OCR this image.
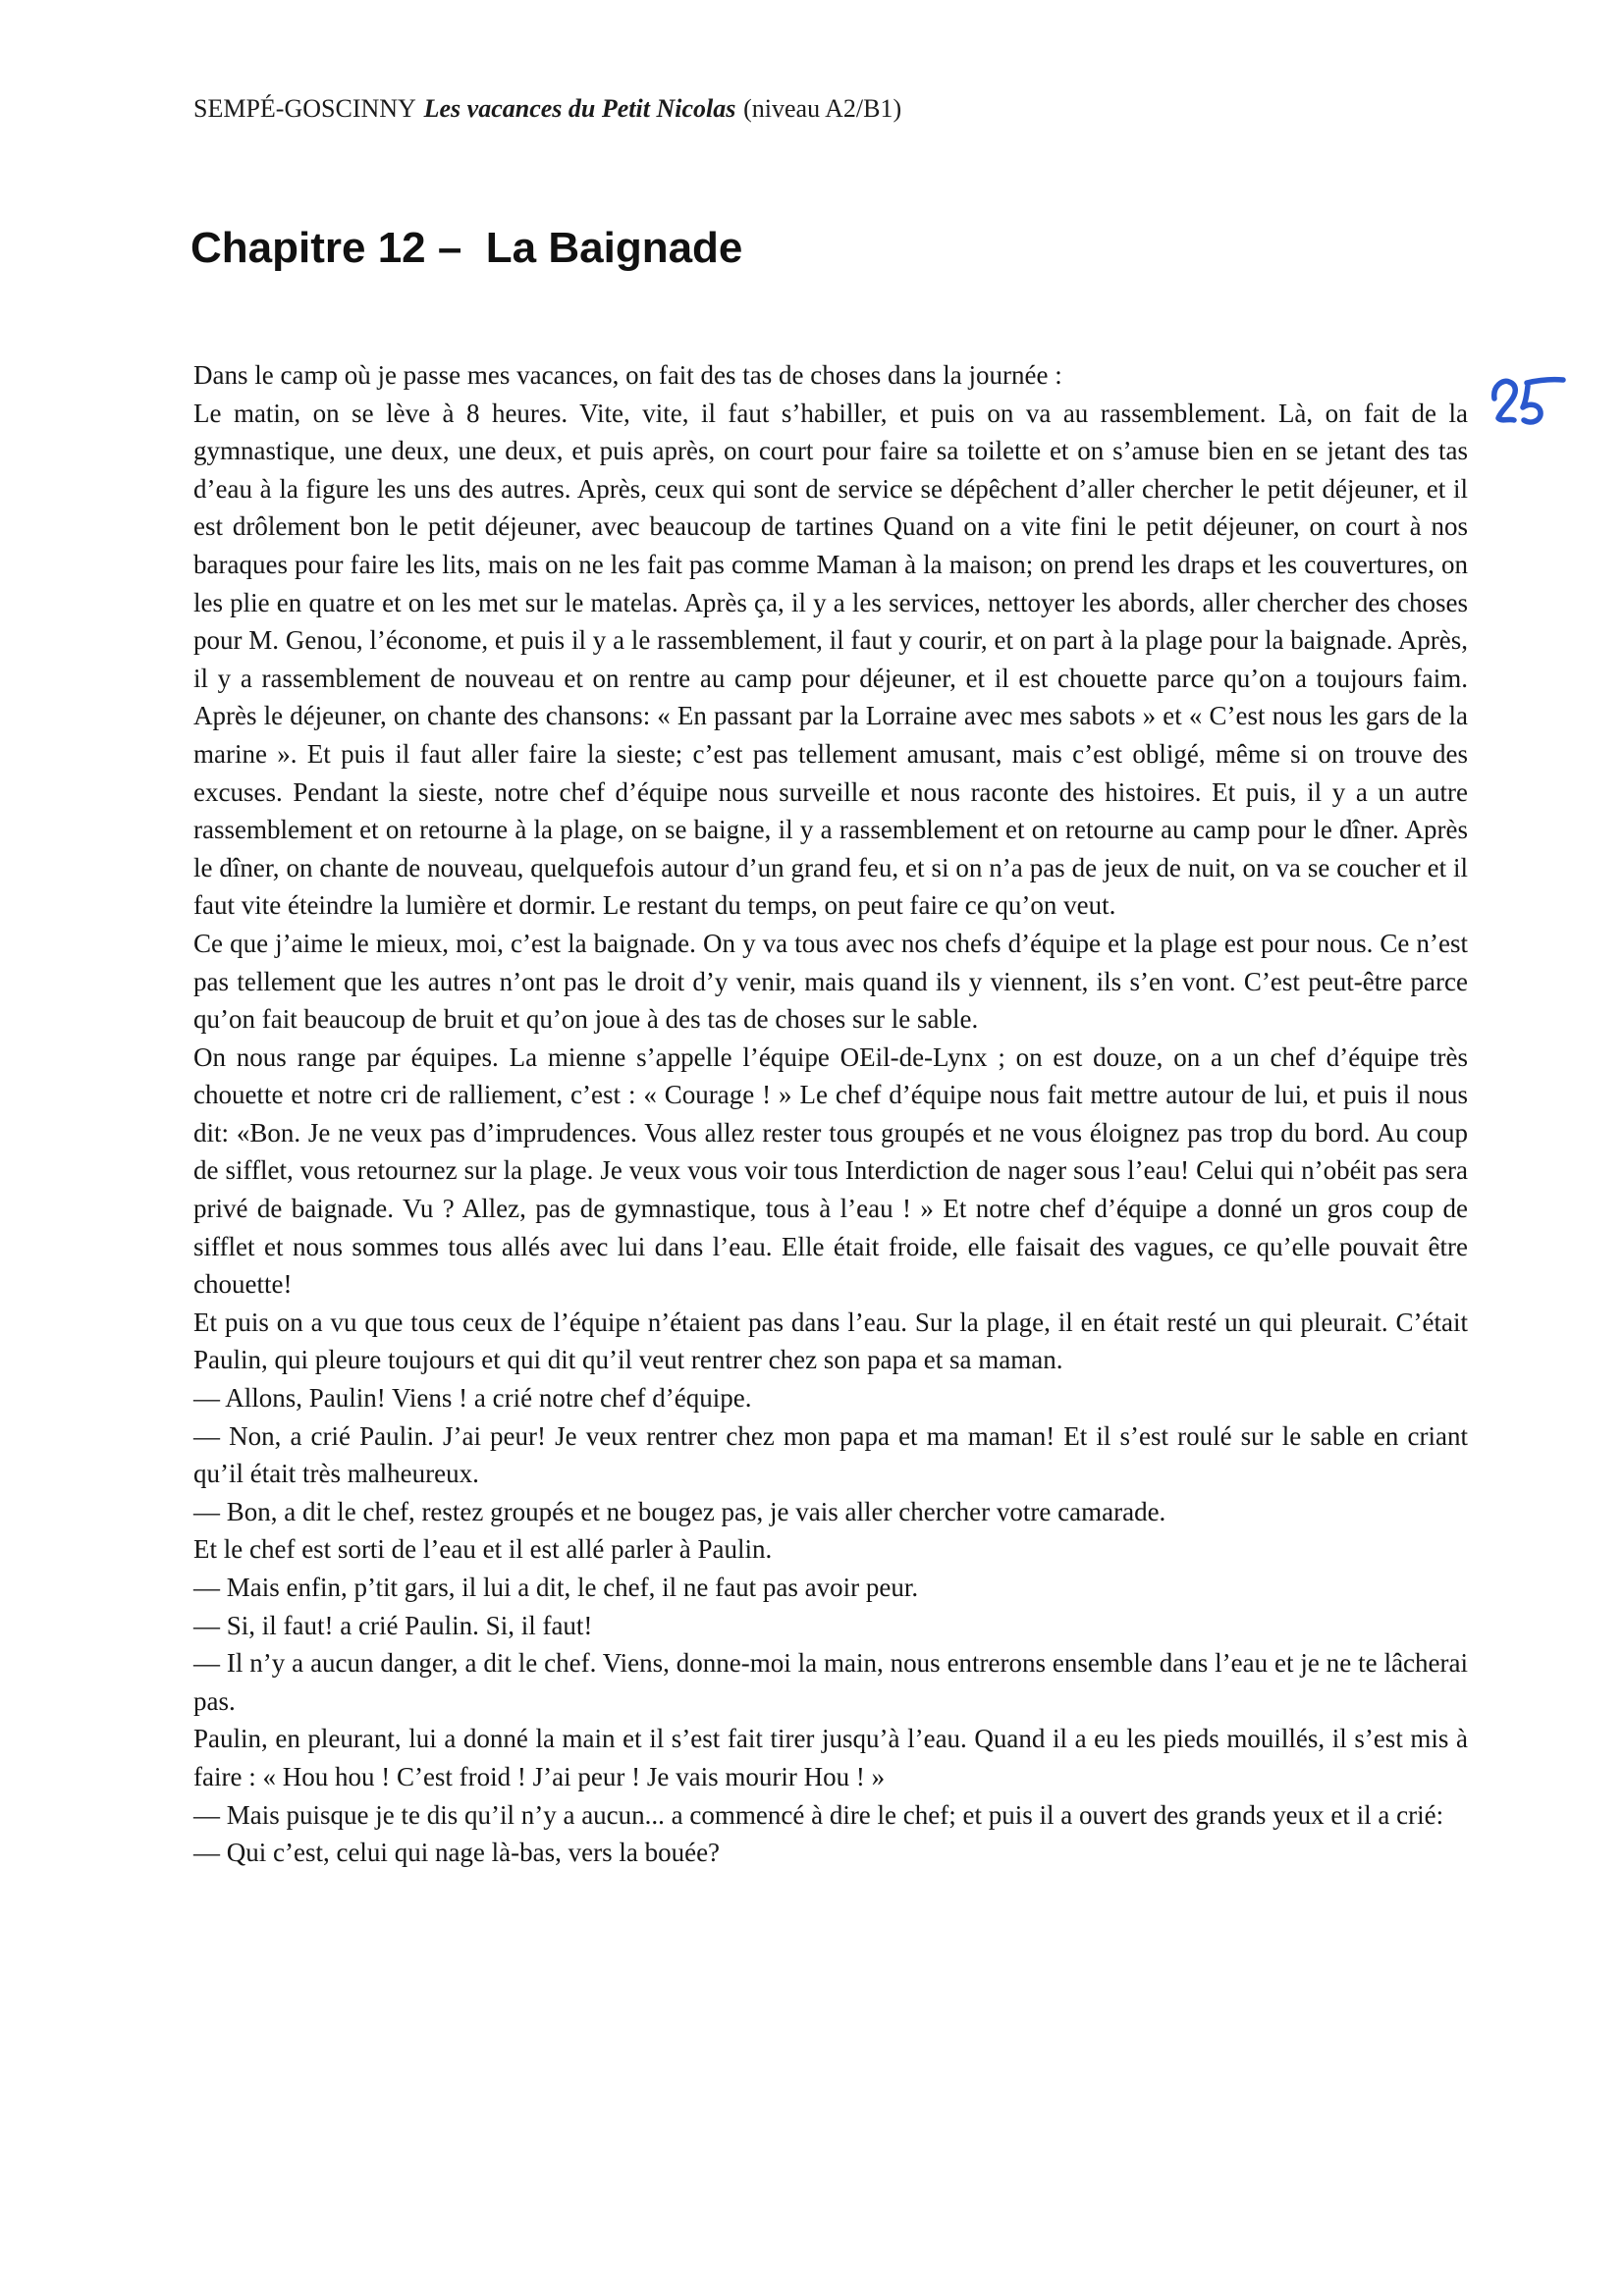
SEMPÉ-GOSCINNY Les vacances du Petit Nicolas (niveau A2/B1)
Chapitre 12 –  La Baignade

Dans le camp où je passe mes vacances, on fait des tas de choses dans la journée :

Le matin, on se lève à 8 heures. Vite, vite, il faut s’habiller, et puis on va au rassemblement. Là, on fait de la gymnastique, une deux, une deux, et puis après, on court pour faire sa toilette et on s’amuse bien en se jetant des tas d’eau à la figure les uns des autres. Après, ceux qui sont de service se dépêchent d’aller chercher le petit déjeuner, et il est drôlement bon le petit déjeuner, avec beaucoup de tartines Quand on a vite fini le petit déjeuner, on court à nos baraques pour faire les lits, mais on ne les fait pas comme Maman à la maison; on prend les draps et les couvertures, on les plie en quatre et on les met sur le matelas. Après ça, il y a les services, nettoyer les abords, aller chercher des choses pour M. Genou, l’économe, et puis il y a le rassemblement, il faut y courir, et on part à la plage pour la baignade. Après, il y a rassemblement de nouveau et on rentre au camp pour déjeuner, et il est chouette parce qu’on a toujours faim. Après le déjeuner, on chante des chansons: « En passant par la Lorraine avec mes sabots » et « C’est nous les gars de la marine ». Et puis il faut aller faire la sieste; c’est pas tellement amusant, mais c’est obligé, même si on trouve des excuses. Pendant la sieste, notre chef d’équipe nous surveille et nous raconte des histoires. Et puis, il y a un autre rassemblement et on retourne à la plage, on se baigne, il y a rassemblement et on retourne au camp pour le dîner. Après le dîner, on chante de nouveau, quelquefois autour d’un grand feu, et si on n’a pas de jeux de nuit, on va se coucher et il faut vite éteindre la lumière et dormir. Le restant du temps, on peut faire ce qu’on veut.

Ce que j’aime le mieux, moi, c’est la baignade. On y va tous avec nos chefs d’équipe et la plage est pour nous. Ce n’est pas tellement que les autres n’ont pas le droit d’y venir, mais quand ils y viennent, ils s’en vont. C’est peut-être parce qu’on fait beaucoup de bruit et qu’on joue à des tas de choses sur le sable.

On nous range par équipes. La mienne s’appelle l’équipe OEil-de-Lynx ; on est douze, on a un chef d’équipe très chouette et notre cri de ralliement, c’est : « Courage ! » Le chef d’équipe nous fait mettre autour de lui, et puis il nous dit: «Bon. Je ne veux pas d’imprudences. Vous allez rester tous groupés et ne vous éloignez pas trop du bord. Au coup de sifflet, vous retournez sur la plage. Je veux vous voir tous Interdiction de nager sous l’eau! Celui qui n’obéit pas sera privé de baignade. Vu ? Allez, pas de gymnastique, tous à l’eau ! » Et notre chef d’équipe a donné un gros coup de sifflet et nous sommes tous allés avec lui dans l’eau. Elle était froide, elle faisait des vagues, ce qu’elle pouvait être chouette!

Et puis on a vu que tous ceux de l’équipe n’étaient pas dans l’eau. Sur la plage, il en était resté un qui pleurait. C’était Paulin, qui pleure toujours et qui dit qu’il veut rentrer chez son papa et sa maman.

— Allons, Paulin! Viens ! a crié notre chef d’équipe.

— Non, a crié Paulin. J’ai peur! Je veux rentrer chez mon papa et ma maman! Et il s’est roulé sur le sable en criant qu’il était très malheureux.

— Bon, a dit le chef, restez groupés et ne bougez pas, je vais aller chercher votre camarade.

Et le chef est sorti de l’eau et il est allé parler à Paulin.

— Mais enfin, p’tit gars, il lui a dit, le chef, il ne faut pas avoir peur.

— Si, il faut! a crié Paulin. Si, il faut!

— Il n’y a aucun danger, a dit le chef. Viens, donne-moi la main, nous entrerons ensemble dans l’eau et je ne te lâcherai pas.

Paulin, en pleurant, lui a donné la main et il s’est fait tirer jusqu’à l’eau. Quand il a eu les pieds mouillés, il s’est mis à faire : « Hou hou ! C’est froid ! J’ai peur ! Je vais mourir Hou ! »

— Mais puisque je te dis qu’il n’y a aucun... a commencé à dire le chef; et puis il a ouvert des grands yeux et il a crié:

— Qui c’est, celui qui nage là-bas, vers la bouée?
